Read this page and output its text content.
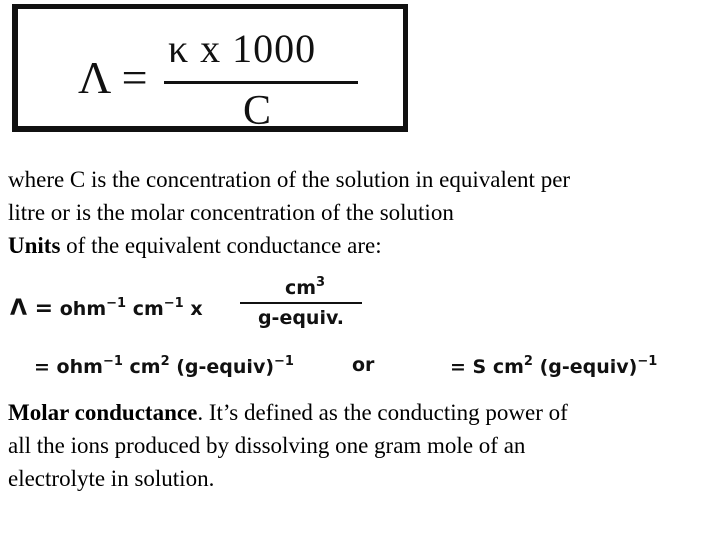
Λ =
κ x 1000
C
where C is the concentration of the solution in equivalent per
litre or is the molar concentration of the solution
Units of the equivalent conductance are:
Λ = ohm$^{-1}$ $cm^{-1}$ x
$cm^3$
g-equiv.
= ohm$^{-1}$ $cm^2$ (g-equiv)$^{-1}$	or	= S $cm^2$ (g-equiv)$^{-1}$
Molar conductance. It’s defined as the conducting power of
all the ions produced by dissolving one gram mole of an
electrolyte in solution.
